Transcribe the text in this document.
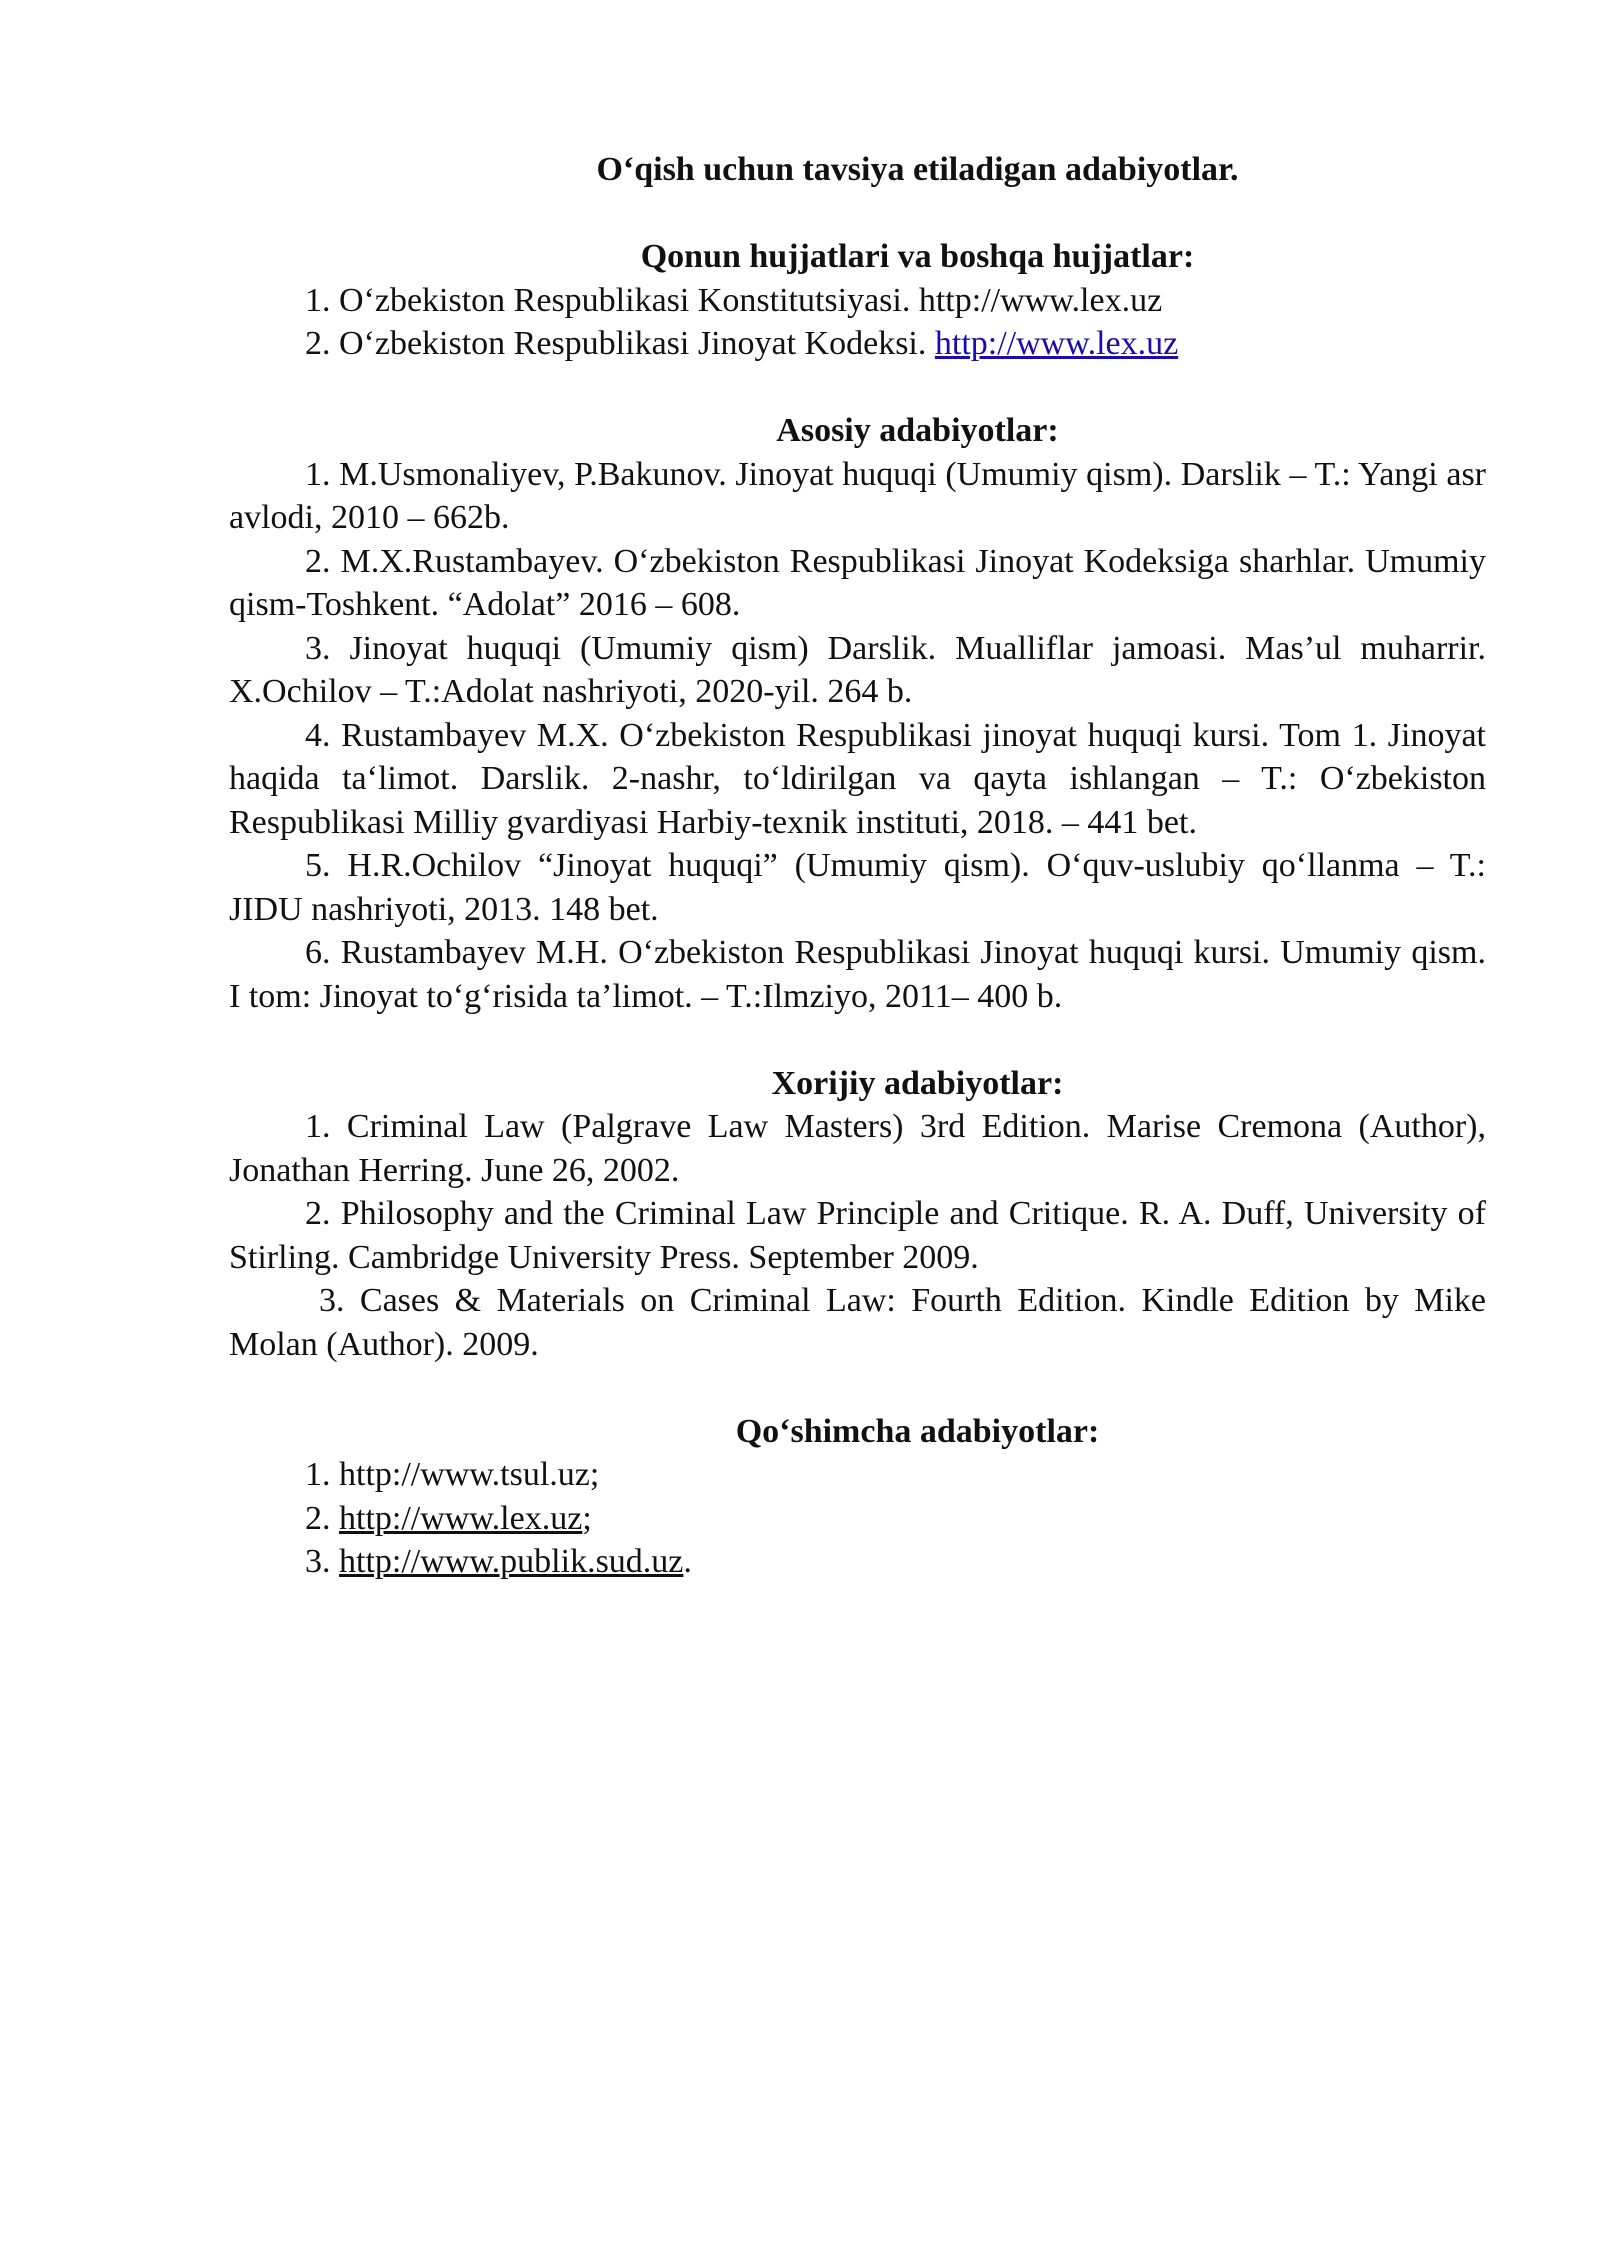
O‘qish uchun tavsiya etiladigan adabiyotlar.
Qonun hujjatlari va boshqa hujjatlar:
1. O‘zbekiston Respublikasi Konstitutsiyasi. http://www.lex.uz
2. O‘zbekiston Respublikasi Jinoyat Kodeksi. http://www.lex.uz
Asosiy adabiyotlar:
1. M.Usmonaliyev, P.Bakunov. Jinoyat huquqi (Umumiy qism). Darslik – T.: Yangi asr avlodi, 2010 – 662b.
2. M.X.Rustambayev. O‘zbekiston Respublikasi Jinoyat Kodeksiga sharhlar. Umumiy qism-Toshkent. “Adolat” 2016 – 608.
3. Jinoyat huquqi (Umumiy qism) Darslik. Mualliflar jamoasi. Mas’ul muharrir. X.Ochilov – T.:Adolat nashriyoti, 2020-yil. 264 b.
4. Rustambayev M.X. O‘zbekiston Respublikasi jinoyat huquqi kursi. Tom 1. Jinoyat haqida ta‘limot. Darslik. 2-nashr, to‘ldirilgan va qayta ishlangan – T.: O‘zbekiston Respublikasi Milliy gvardiyasi Harbiy-texnik instituti, 2018. – 441 bet.
5. H.R.Ochilov “Jinoyat huquqi” (Umumiy qism). O‘quv-uslubiy qo‘llanma – T.: JIDU nashriyoti, 2013. 148 bet.
6. Rustambayev M.H. O‘zbekiston Respublikasi Jinoyat huquqi kursi. Umumiy qism. I tom: Jinoyat to‘g‘risida ta’limot. – T.:Ilmziyo, 2011– 400 b.
Xorijiy adabiyotlar:
1. Criminal Law (Palgrave Law Masters) 3rd Edition. Marise Cremona (Author), Jonathan Herring. June 26, 2002.
2. Philosophy and the Criminal Law Principle and Critique. R. A. Duff, University of Stirling. Cambridge University Press. September 2009.
3. Cases & Materials on Criminal Law: Fourth Edition. Kindle Edition by Mike Molan (Author). 2009.
Qo‘shimcha adabiyotlar:
1. http://www.tsul.uz;
2. http://www.lex.uz;
3. http://www.publik.sud.uz.
